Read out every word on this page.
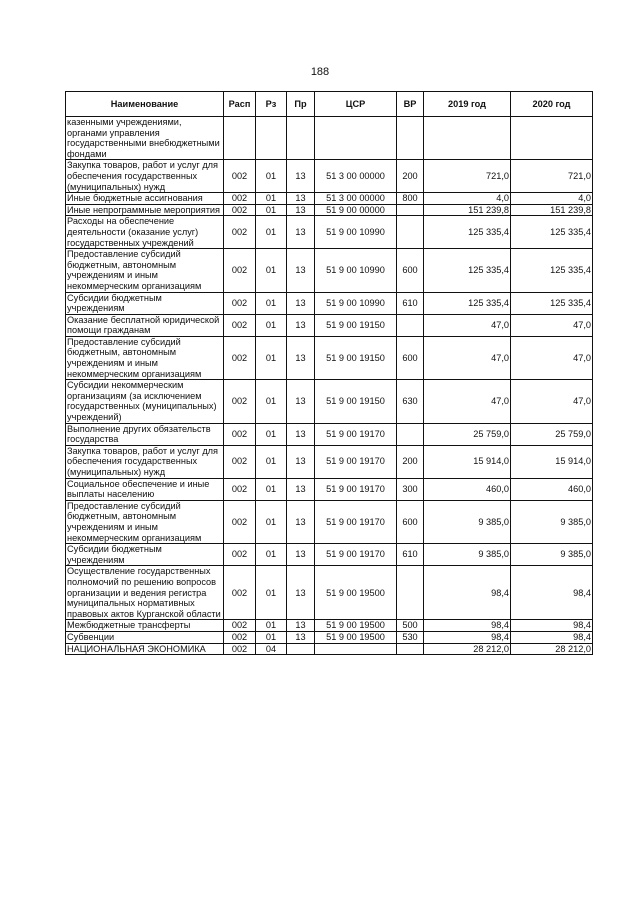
188
Наименование	Расп	Рз	Пр	ЦСР	ВР	2019 год	2020 год
казенными учреждениями, органами управления государственными внебюджетными фондами							
Закупка товаров, работ и услуг для обеспечения государственных (муниципальных) нужд	002	01	13	51 3 00 00000	200	721,0	721,0
Иные бюджетные ассигнования	002	01	13	51 3 00 00000	800	4,0	4,0
Иные непрограммные мероприятия	002	01	13	51 9 00 00000		151 239,8	151 239,8
Расходы на обеспечение деятельности (оказание услуг) государственных учреждений	002	01	13	51 9 00 10990		125 335,4	125 335,4
Предоставление субсидий бюджетным, автономным учреждениям и иным некоммерческим организациям	002	01	13	51 9 00 10990	600	125 335,4	125 335,4
Субсидии бюджетным учреждениям	002	01	13	51 9 00 10990	610	125 335,4	125 335,4
Оказание бесплатной юридической помощи гражданам	002	01	13	51 9 00 19150		47,0	47,0
Предоставление субсидий бюджетным, автономным учреждениям и иным некоммерческим организациям	002	01	13	51 9 00 19150	600	47,0	47,0
Субсидии некоммерческим организациям (за исключением государственных (муниципальных) учреждений)	002	01	13	51 9 00 19150	630	47,0	47,0
Выполнение других обязательств государства	002	01	13	51 9 00 19170		25 759,0	25 759,0
Закупка товаров, работ и услуг для обеспечения государственных (муниципальных) нужд	002	01	13	51 9 00 19170	200	15 914,0	15 914,0
Социальное обеспечение и иные выплаты населению	002	01	13	51 9 00 19170	300	460,0	460,0
Предоставление субсидий бюджетным, автономным учреждениям и иным некоммерческим организациям	002	01	13	51 9 00 19170	600	9 385,0	9 385,0
Субсидии бюджетным учреждениям	002	01	13	51 9 00 19170	610	9 385,0	9 385,0
Осуществление государственных полномочий по решению вопросов организации и ведения регистра муниципальных нормативных правовых актов Курганской области	002	01	13	51 9 00 19500		98,4	98,4
Межбюджетные трансферты	002	01	13	51 9 00 19500	500	98,4	98,4
Субвенции	002	01	13	51 9 00 19500	530	98,4	98,4
НАЦИОНАЛЬНАЯ ЭКОНОМИКА	002	04				28 212,0	28 212,0
